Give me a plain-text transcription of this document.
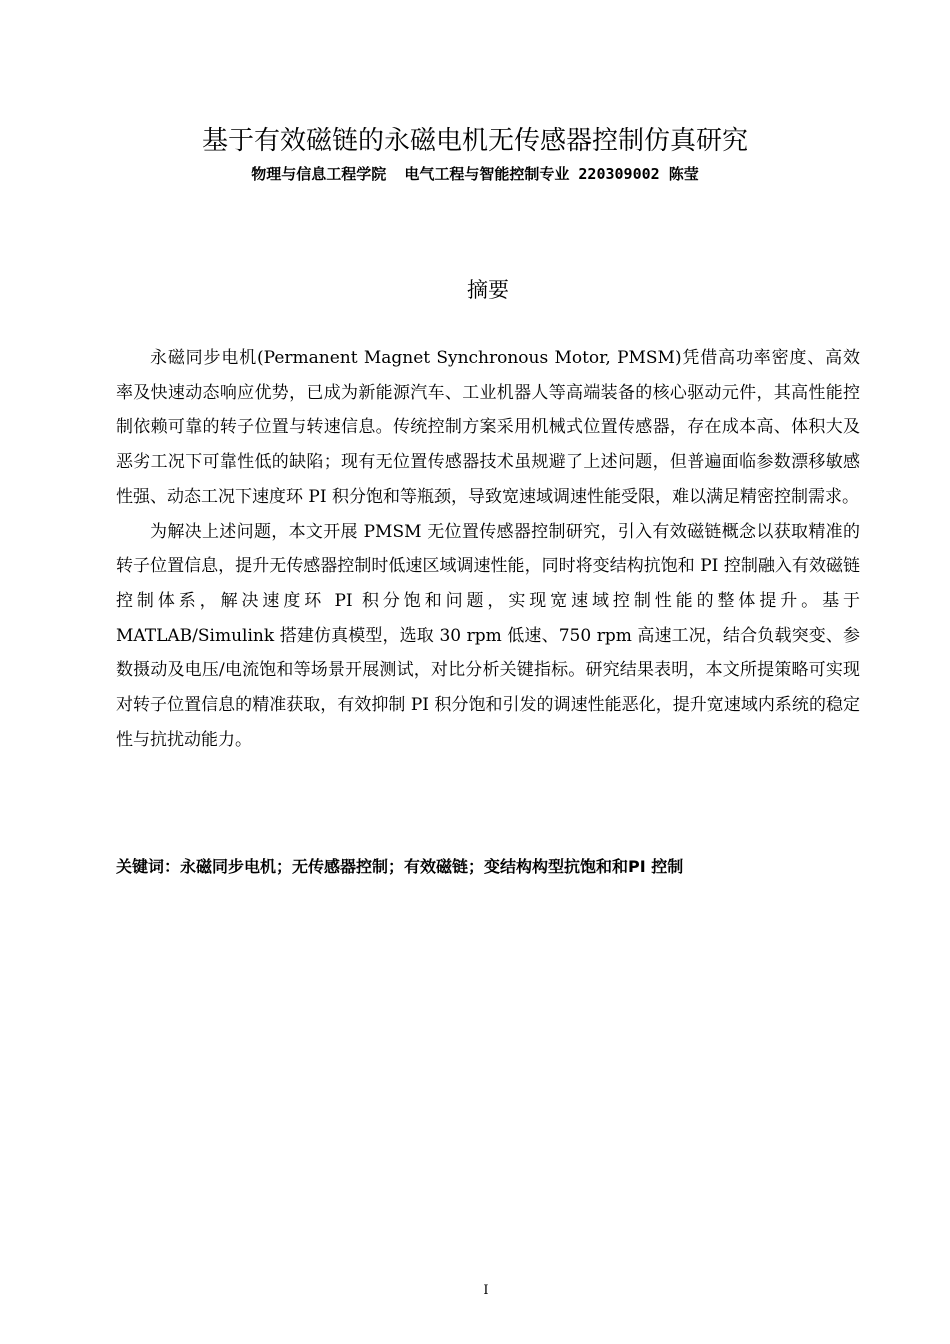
基于有效磁链的永磁电机无传感器控制仿真研究
物理与信息工程学院  电气工程与智能控制专业 220309002 陈莹
摘要

永磁同步电机(Permanent Magnet Synchronous Motor, PMSM)凭借高功率密度、高效率及快速动态响应优势，已成为新能源汽车、工业机器人等高端装备的核心驱动元件，其高性能控制依赖可靠的转子位置与转速信息。传统控制方案采用机械式位置传感器，存在成本高、体积大及恶劣工况下可靠性低的缺陷；现有无位置传感器技术虽规避了上述问题，但普遍面临参数漂移敏感性强、动态工况下速度环 PI 积分饱和等瓶颈，导致宽速域调速性能受限，难以满足精密控制需求。

为解决上述问题，本文开展 PMSM 无位置传感器控制研究，引入有效磁链概念以获取精准的转子位置信息，提升无传感器控制时低速区域调速性能，同时将变结构抗饱和 PI 控制融入有效磁链控制体系，解决速度环 PI 积分饱和问题，实现宽速域控制性能的整体提升。基于 MATLAB/Simulink 搭建仿真模型，选取 30 rpm 低速、750 rpm 高速工况，结合负载突变、参数摄动及电压/电流饱和等场景开展测试，对比分析关键指标。研究结果表明，本文所提策略可实现对转子位置信息的精准获取，有效抑制 PI 积分饱和引发的调速性能恶化，提升宽速域内系统的稳定性与抗扰动能力。

关键词：永磁同步电机；无传感器控制；有效磁链；变结构构型抗饱和和PI 控制
I
